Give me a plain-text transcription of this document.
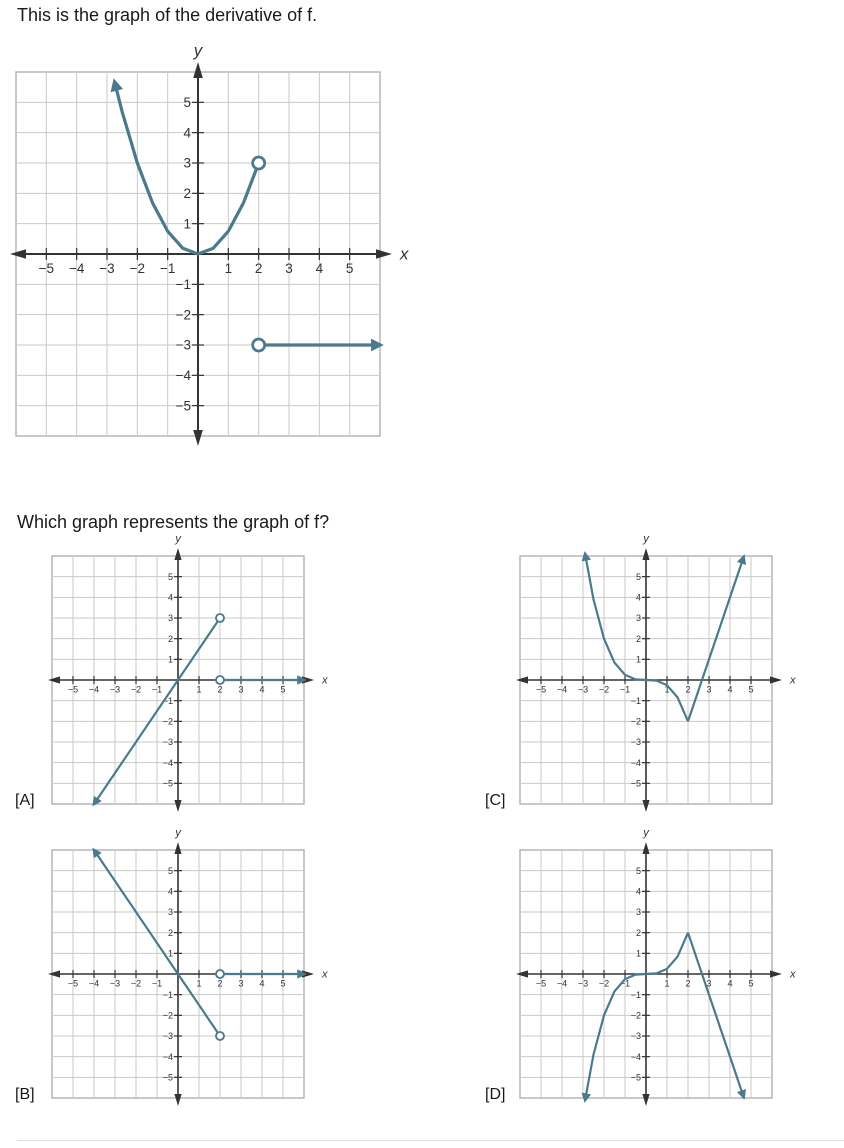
This is the graph of the derivative of f.

−5 −4 −3 −2 −1	1 2 3 4 5
−5
−4
−3
−2
−1
1
2
3
4
5
x
y

Which graph represents the graph of f?

[A]
−5 −4 −3 −2 −1	1 2 3 4 5
−5
−4
−3
−2
−1
1
2
3
4
5
x
y
[B]
−5 −4 −3 −2 −1	1 2 3 4 5
−5
−4
−3
−2
−1
1
2
3
4
5
x
y
[C]
−5 −4 −3 −2 −1	1 2 3 4 5
−5
−4
−3
−2
−1
1
2
3
4
5
x
y
[D]
−5 −4 −3 −2 −1	1 2 3 4 5
−5
−4
−3
−2
−1
1
2
3
4
5
x
y
